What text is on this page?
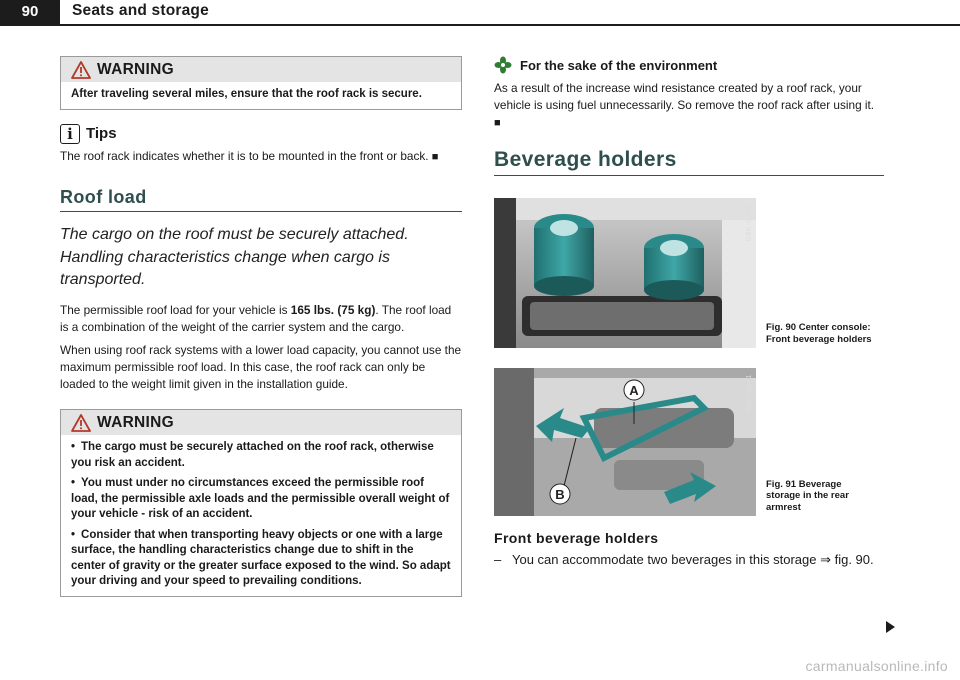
90	Seats and storage
WARNING
After traveling several miles, ensure that the roof rack is secure.
i Tips

The roof rack indicates whether it is to be mounted in the front or back. ■

Roof load

The cargo on the roof must be securely attached. Handling characteristics change when cargo is transported.

The permissible roof load for your vehicle is 165 lbs. (75 kg). The roof load is a combination of the weight of the carrier system and the cargo.

When using roof rack systems with a lower load capacity, you cannot use the maximum permissible roof load. In this case, the roof rack can only be loaded to the weight limit given in the installation guide.

WARNING
• The cargo must be securely attached on the roof rack, otherwise you risk an accident.
• You must under no circumstances exceed the permissible roof load, the permissible axle loads and the permissible overall weight of your vehicle - risk of an accident.
• Consider that when transporting heavy objects or one with a large surface, the handling characteristics change due to shift in the center of gravity or the greater surface exposed to the wind. So adapt your driving and your speed to prevailing conditions.
For the sake of the environment

As a result of the increase wind resistance created by a roof rack, your vehicle is using fuel unnecessarily. So remove the roof rack after using it. ■

Beverage holders
B8K-0042
Fig. 90 Center console: Front beverage holders
A
B
B8K-0041
Fig. 91 Beverage storage in the rear armrest
Front beverage holders

– You can accommodate two beverages in this storage ⇒ fig. 90.

carmanualsonline.info
